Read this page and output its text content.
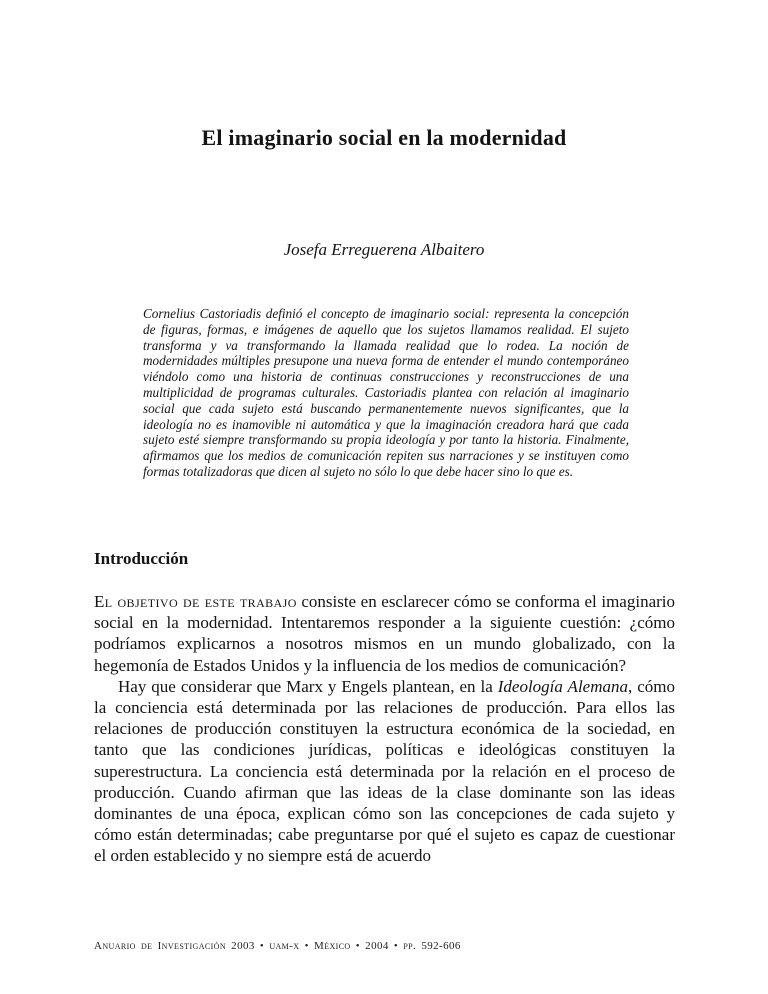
El imaginario social en la modernidad
Josefa Erreguerena Albaitero

Cornelius Castoriadis definió el concepto de imaginario social: representa la concepción de figuras, formas, e imágenes de aquello que los sujetos llamamos realidad. El sujeto transforma y va transformando la llamada realidad que lo rodea. La noción de modernidades múltiples presupone una nueva forma de entender el mundo contemporáneo viéndolo como una historia de continuas construcciones y reconstrucciones de una multiplicidad de programas culturales. Castoriadis plantea con relación al imaginario social que cada sujeto está buscando permanentemente nuevos significantes, que la ideología no es inamovible ni automática y que la imaginación creadora hará que cada sujeto esté siempre transformando su propia ideología y por tanto la historia. Finalmente, afirmamos que los medios de comunicación repiten sus narraciones y se instituyen como formas totalizadoras que dicen al sujeto no sólo lo que debe hacer sino lo que es.

Introducción

El objetivo de este trabajo consiste en esclarecer cómo se conforma el imaginario social en la modernidad. Intentaremos responder a la siguiente cuestión: ¿cómo podríamos explicarnos a nosotros mismos en un mundo globalizado, con la hegemonía de Estados Unidos y la influencia de los medios de comunicación?

Hay que considerar que Marx y Engels plantean, en la Ideología Alemana, cómo la conciencia está determinada por las relaciones de producción. Para ellos las relaciones de producción constituyen la estructura económica de la sociedad, en tanto que las condiciones jurídicas, políticas e ideológicas constituyen la superestructura. La conciencia está determinada por la relación en el proceso de producción. Cuando afirman que las ideas de la clase dominante son las ideas dominantes de una época, explican cómo son las concepciones de cada sujeto y cómo están determinadas; cabe preguntarse por qué el sujeto es capaz de cuestionar el orden establecido y no siempre está de acuerdo

Anuario de Investigación 2003 • uam-x • México • 2004 • pp. 592-606
